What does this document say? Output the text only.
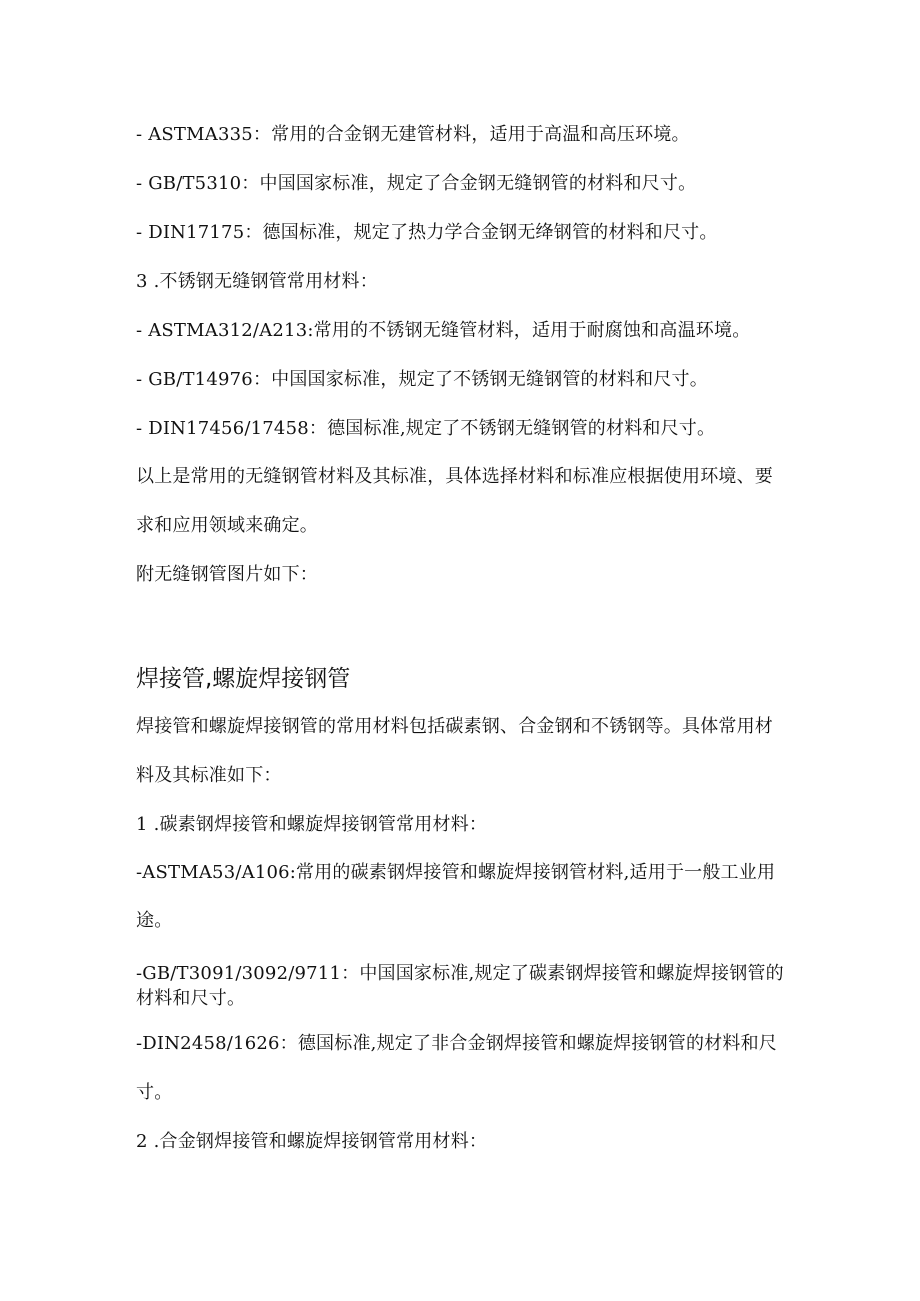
- ASTMA335：常用的合金钢无建管材料，适用于高温和高压环境。
- GB/T5310：中国国家标准，规定了合金钢无缝钢管的材料和尺寸。
- DIN17175：德国标准，规定了热力学合金钢无绛钢管的材料和尺寸。
3 .不锈钢无缝钢管常用材料：
- ASTMA312/A213:常用的不锈钢无缝管材料，适用于耐腐蚀和高温环境。
- GB/T14976：中国国家标准，规定了不锈钢无缝钢管的材料和尺寸。
- DIN17456/17458：德国标准,规定了不锈钢无缝钢管的材料和尺寸。
以上是常用的无缝钢管材料及其标准，具体选择材料和标准应根据使用环境、要
求和应用领域来确定。
附无缝钢管图片如下：
焊接管,螺旋焊接钢管
焊接管和螺旋焊接钢管的常用材料包括碳素钢、合金钢和不锈钢等。具体常用材
料及其标准如下：
1 .碳素钢焊接管和螺旋焊接钢管常用材料：
-ASTMA53/A106:常用的碳素钢焊接管和螺旋焊接钢管材料,适用于一般工业用
途。
-GB/T3091/3092/9711：中国国家标准,规定了碳素钢焊接管和螺旋焊接钢管的
材料和尺寸。
-DIN2458/1626：德国标准,规定了非合金钢焊接管和螺旋焊接钢管的材料和尺
寸。
2 .合金钢焊接管和螺旋焊接钢管常用材料：
